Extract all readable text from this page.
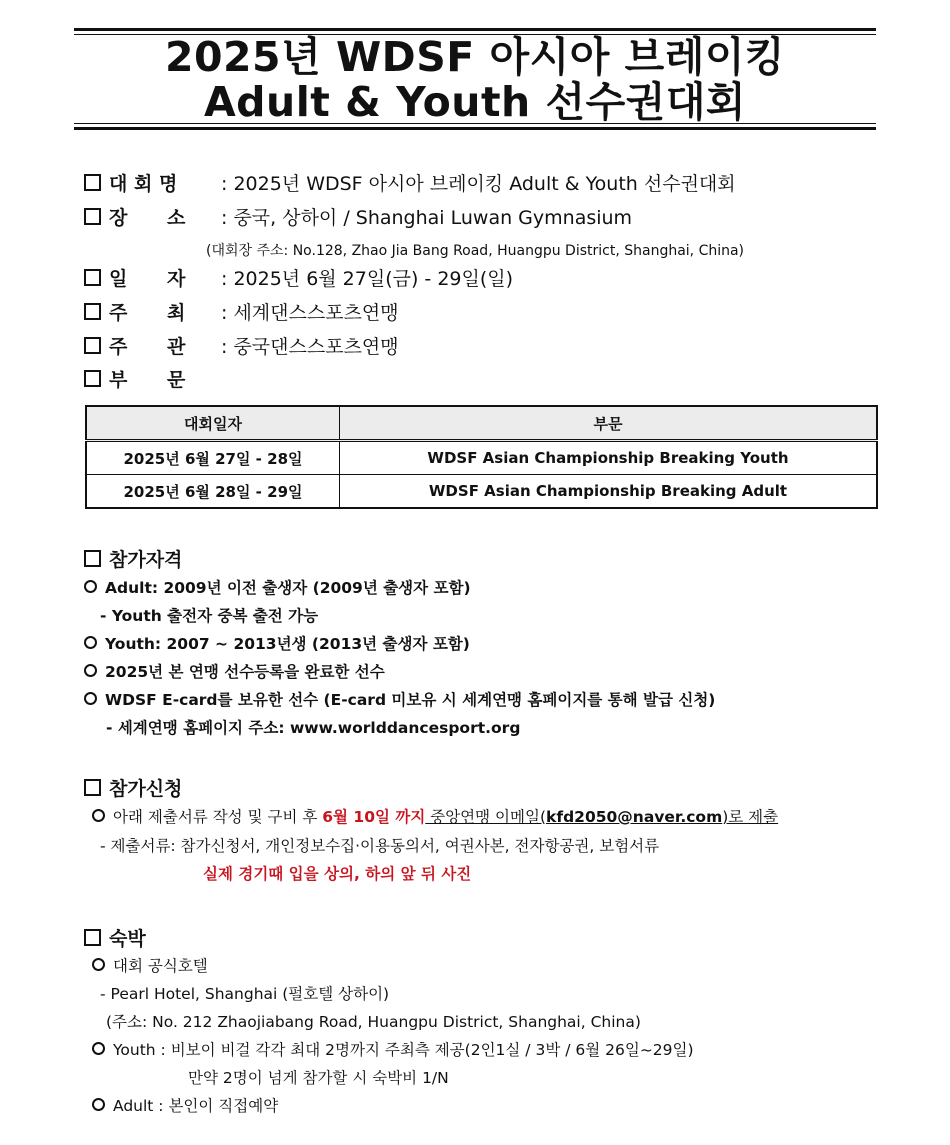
2025년 WDSF 아시아 브레이킹
Adult & Youth 선수권대회
대 회 명 : 2025년 WDSF 아시아 브레이킹 Adult & Youth 선수권대회
장      소 : 중국, 상하이 / Shanghai Luwan Gymnasium
(대회장 주소: No.128, Zhao Jia Bang Road, Huangpu District, Shanghai, China)
일      자 : 2025년 6월 27일(금) - 29일(일)
주      최 : 세계댄스스포츠연맹
주      관 : 중국댄스스포츠연맹
부      문
대회일자	부문
2025년 6월 27일 - 28일	WDSF Asian Championship Breaking Youth
2025년 6월 28일 - 29일	WDSF Asian Championship Breaking Adult
참가자격
Adult: 2009년 이전 출생자 (2009년 출생자 포함)
- Youth 출전자 중복 출전 가능
Youth: 2007 ~ 2013년생 (2013년 출생자 포함)
2025년 본 연맹 선수등록을 완료한 선수
WDSF E-card를 보유한 선수 (E-card 미보유 시 세계연맹 홈페이지를 통해 발급 신청)
- 세계연맹 홈페이지 주소: www.worlddancesport.org
참가신청
아래 제출서류 작성 및 구비 후 6월 10일 까지 중앙연맹 이메일(kfd2050@naver.com)로 제출
- 제출서류: 참가신청서, 개인정보수집·이용동의서, 여권사본, 전자항공권, 보험서류
실제 경기때 입을 상의, 하의 앞 뒤 사진
숙박
대회 공식호텔
- Pearl Hotel, Shanghai (펄호텔 상하이)
(주소: No. 212 Zhaojiabang Road, Huangpu District, Shanghai, China)
Youth : 비보이 비걸 각각 최대 2명까지 주최측 제공(2인1실 / 3박 / 6월 26일~29일)
만약 2명이 넘게 참가할 시 숙박비 1/N
Adult : 본인이 직접예약
